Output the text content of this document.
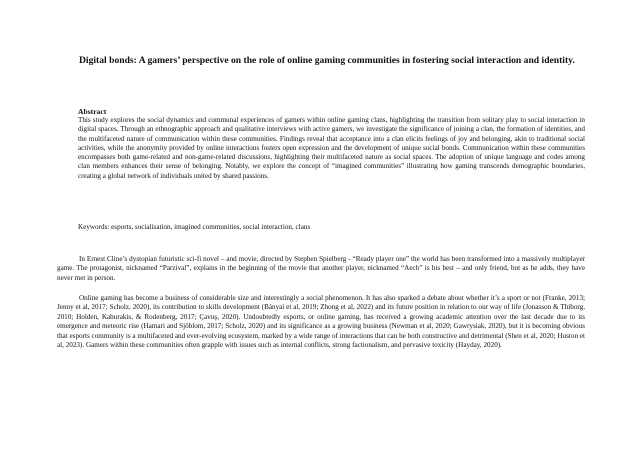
Digital bonds: A gamers’ perspective on the role of online gaming communities in fostering social interaction and identity.

Abstract

This study explores the social dynamics and communal experiences of gamers within online gaming clans, highlighting the transition from solitary play to social interaction in digital spaces. Through an ethnographic approach and qualitative interviews with active gamers, we investigate the significance of joining a clan, the formation of identities, and the multifaceted nature of communication within these communities. Findings reveal that acceptance into a clan elicits feelings of joy and belonging, akin to traditional social activities, while the anonymity provided by online interactions fosters open expression and the development of unique social bonds. Communication within these communities encompasses both game-related and non-game-related discussions, highlighting their multifaceted nature as social spaces. The adoption of unique language and codes among clan members enhances their sense of belonging. Notably, we explore the concept of “imagined communities” illustrating how gaming transcends demographic boundaries, creating a global network of individuals united by shared passions.

Keywords: esports, socialisation, imagined communities, social interaction, clans

In Ernest Cline’s dystopian futuristic sci-fi novel – and movie, directed by Stephen Spielberg - “Ready player one” the world has been transformed into a massively multiplayer game. The protagonist, nicknamed “Parzival”, explains in the beginning of the movie that another player, nicknamed “Aech” is his best – and only friend, but as he adds, they have never met in person.

Online gaming has become a business of considerable size and interestingly a social phenomenon. It has also sparked a debate about whether it’s a sport or not (Franke, 2013; Jenny et al, 2017; Scholz, 2020), its contribution to skills development (Bányai et al, 2019; Zhong et al, 2022) and its future position in relation to our way of life (Jonasson & Thiborg, 2010; Holden, Kaburakis, & Rodenberg, 2017; Çavuş, 2020). Undoubtedly esports, or online gaming, has received a growing academic attention over the last decade due to its emergence and meteoric rise (Hamari and Sjöblom, 2017; Scholz, 2020) and its significance as a growing business (Newman et al, 2020; Gawrysiak, 2020), but it is becoming obvious that esports community is a multifaceted and ever-evolving ecosystem, marked by a wide range of interactions that can be both constructive and detrimental (Shen et al, 2020; Huston et al, 2023). Gamers within these communities often grapple with issues such as internal conflicts, strong factionalism, and pervasive toxicity (Hayday, 2020).
